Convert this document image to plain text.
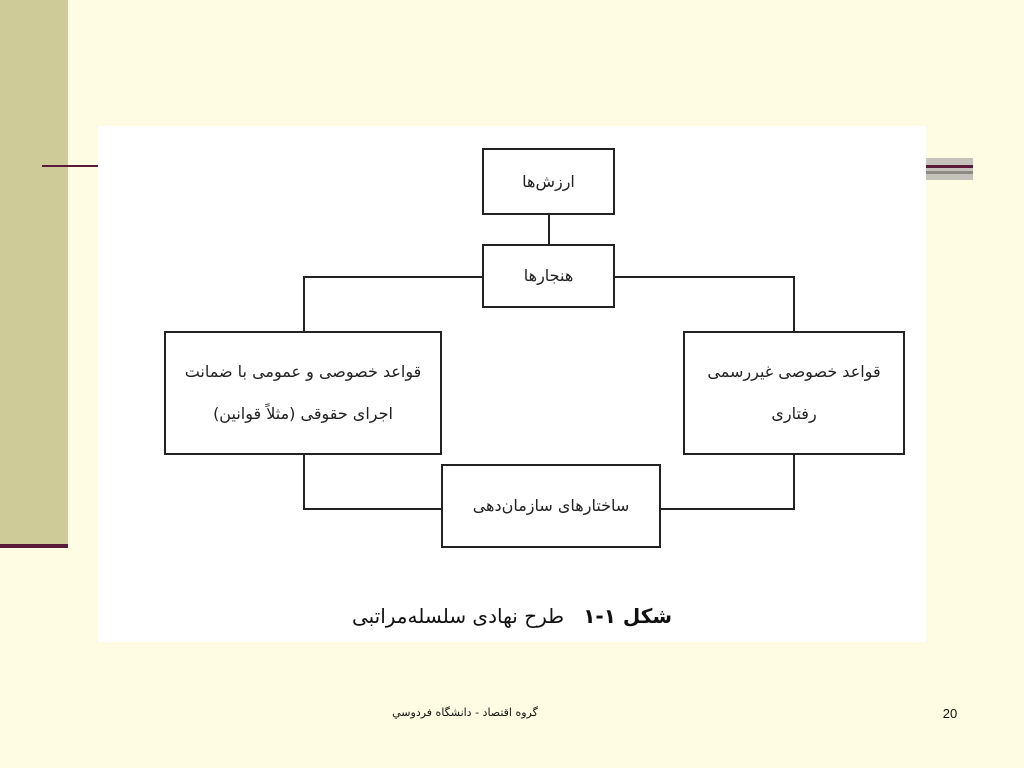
ارزش‌ها
هنجارها
قواعد خصوصی و عمومی با ضمانت
اجرای حقوقی (مثلاً قوانین)
قواعد خصوصی غیررسمی
رفتاری
ساختارهای سازمان‌دهی
شکل ۱-۱   طرح نهادی سلسله‌مراتبی
گروه اقتصاد - دانشگاه فردوسي	20
